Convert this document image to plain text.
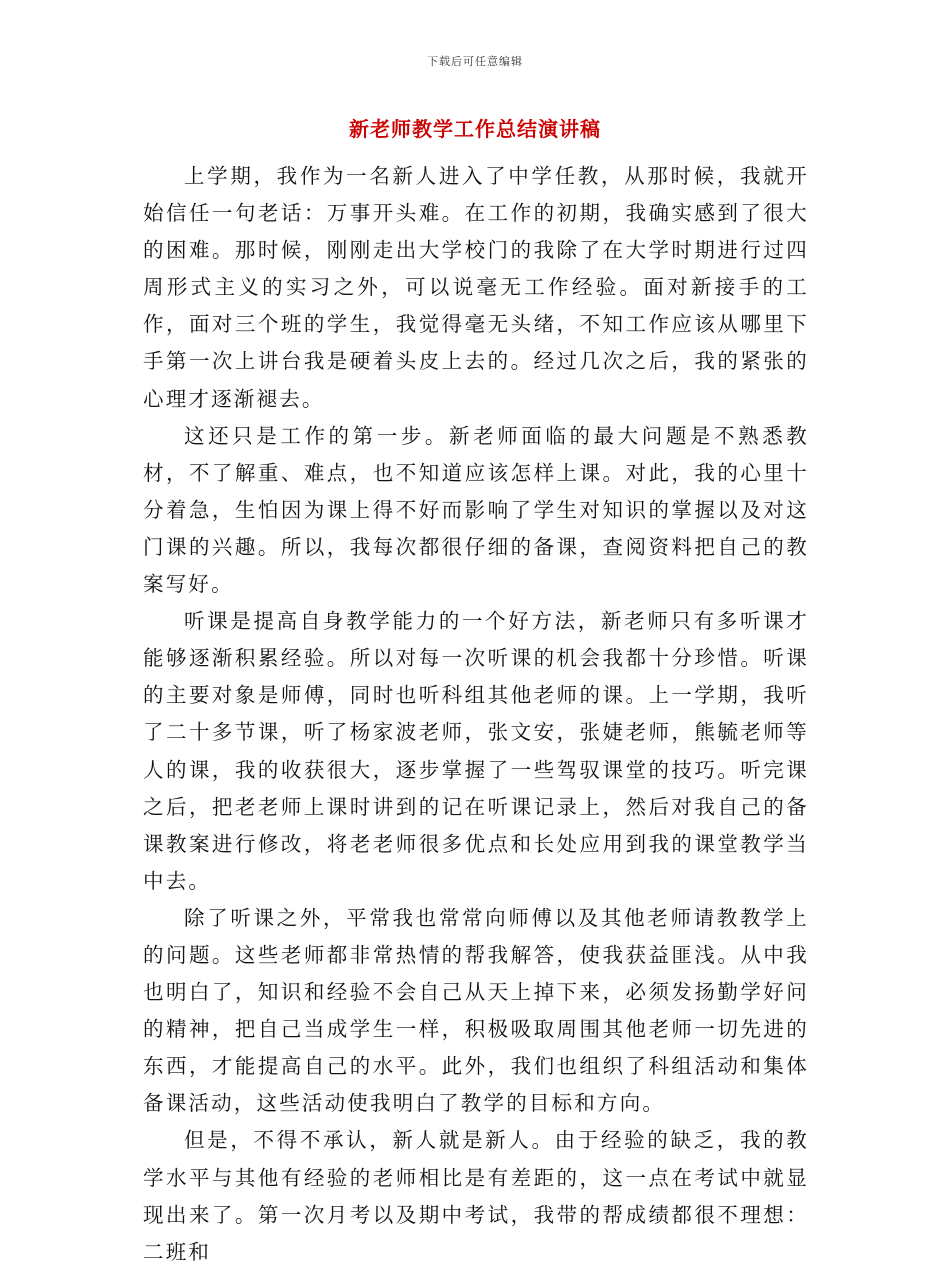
下载后可任意编辑
新老师教学工作总结演讲稿

上学期，我作为一名新人进入了中学任教，从那时候，我就开始信任一句老话：万事开头难。在工作的初期，我确实感到了很大的困难。那时候，刚刚走出大学校门的我除了在大学时期进行过四周形式主义的实习之外，可以说毫无工作经验。面对新接手的工作，面对三个班的学生，我觉得毫无头绪，不知工作应该从哪里下手第一次上讲台我是硬着头皮上去的。经过几次之后，我的紧张的心理才逐渐褪去。

这还只是工作的第一步。新老师面临的最大问题是不熟悉教材，不了解重、难点，也不知道应该怎样上课。对此，我的心里十分着急，生怕因为课上得不好而影响了学生对知识的掌握以及对这门课的兴趣。所以，我每次都很仔细的备课，查阅资料把自己的教案写好。

听课是提高自身教学能力的一个好方法，新老师只有多听课才能够逐渐积累经验。所以对每一次听课的机会我都十分珍惜。听课的主要对象是师傅，同时也听科组其他老师的课。上一学期，我听了二十多节课，听了杨家波老师，张文安，张婕老师，熊毓老师等人的课，我的收获很大，逐步掌握了一些驾驭课堂的技巧。听完课之后，把老老师上课时讲到的记在听课记录上，然后对我自己的备课教案进行修改，将老老师很多优点和长处应用到我的课堂教学当中去。

除了听课之外，平常我也常常向师傅以及其他老师请教教学上的问题。这些老师都非常热情的帮我解答，使我获益匪浅。从中我也明白了，知识和经验不会自己从天上掉下来，必须发扬勤学好问的精神，把自己当成学生一样，积极吸取周围其他老师一切先进的东西，才能提高自己的水平。此外，我们也组织了科组活动和集体备课活动，这些活动使我明白了教学的目标和方向。

但是，不得不承认，新人就是新人。由于经验的缺乏，我的教学水平与其他有经验的老师相比是有差距的，这一点在考试中就显现出来了。第一次月考以及期中考试，我带的帮成绩都很不理想：二班和
